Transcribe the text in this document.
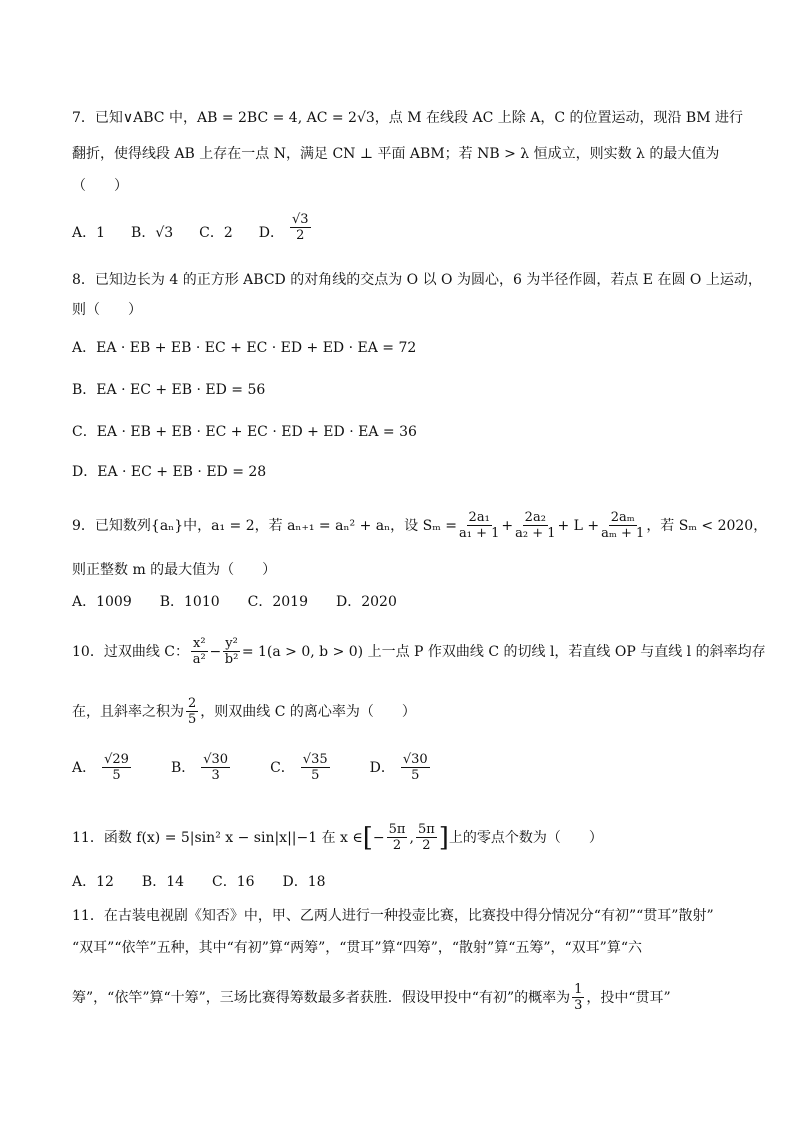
7．已知∨ABC 中，AB = 2BC = 4, AC = 2√3，点 M 在线段 AC 上除 A，C 的位置运动，现沿 BM 进行
翻折，使得线段 AB 上存在一点 N，满足 CN ⊥ 平面 ABM；若 NB > λ 恒成立，则实数 λ 的最大值为
（　　）
A．1 B．√3 C．2 D． $\frac{√3}{2}$
8．已知边长为 4 的正方形 ABCD 的对角线的交点为 O 以 O 为圆心，6 为半径作圆，若点 E 在圆 O 上运动，
则（　　）
A．EA · EB + EB · EC + EC · ED + ED · EA = 72
B．EA · EC + EB · ED = 56
C．EA · EB + EB · EC + EC · ED + ED · EA = 36
D．EA · EC + EB · ED = 28
9．已知数列{aₙ}中，a₁ = 2，若 aₙ₊₁ = aₙ² + aₙ，设 $S_m = \frac{\text{2a₁}}{\text{a₁ + 1}} + \frac{\text{2a₂}}{\text{a₂ + 1}} + L + \frac{\text{2aₘ}}{\text{aₘ + 1}}$ ，若 Sₘ < 2020，
则正整数 m 的最大值为（　　）
A．1009　　B．1010　　C．2019　　D．2020
10．过双曲线 C： $\frac{\text{x²}}{\text{a²}} - \frac{\text{y²}}{\text{b²}} = 1(a > 0$, b > 0) 上一点 P 作双曲线 C 的切线 l，若直线 OP 与直线 l 的斜率均存
在，且斜率之积为 $\frac{2}{5}$ ，则双曲线 C 的离心率为（　　）
A． $\frac{√29}{5}$	B． $\frac{√30}{3}$	C． $\frac{√35}{5}$	D． $\frac{√30}{5}$
11．函数 f(x) = 5|sin² x − sin|x||−1 在 x ∈ [ − $\frac{5\pi}{2}$ , $\frac{5\pi}{2}$ ] 上的零点个数为（　　）
A．12　　B．14　　C．16　　D．18
11．在古装电视剧《知否》中，甲、乙两人进行一种投壶比赛，比赛投中得分情况分“有初”“贯耳”散射”
“双耳”“依竿”五种，其中“有初”算“两筹”，“贯耳”算“四筹”，“散射”算“五筹”，“双耳”算“六
筹”，“依竿”算“十筹”，三场比赛得筹数最多者获胜．假设甲投中“有初”的概率为 $\frac{1}{3}$ ，投中“贯耳”
